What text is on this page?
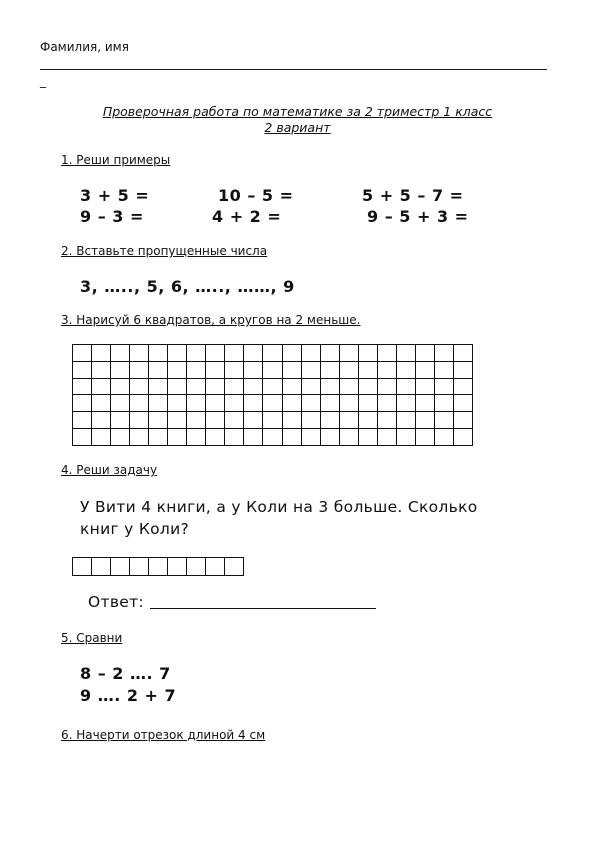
Фамилия, имя
_
Проверочная работа по математике за 2 триместр 1 класс
2 вариант
1. Реши примеры
3 + 5 =	10 – 5 =	5 + 5 – 7 =
9 – 3 =	4 + 2 =	9 – 5 + 3 =
2. Вставьте пропущенные числа
3, ….., 5, 6, ….., ……, 9
3. Нарисуй 6 квадратов, а кругов на 2 меньше.

4. Реши задачу
У Вити 4 книги, а у Коли на 3 больше. Сколько
книг у Коли?

Ответ:
5. Сравни
8 – 2 …. 7
9 …. 2 + 7
6. Начерти отрезок длиной 4 см
